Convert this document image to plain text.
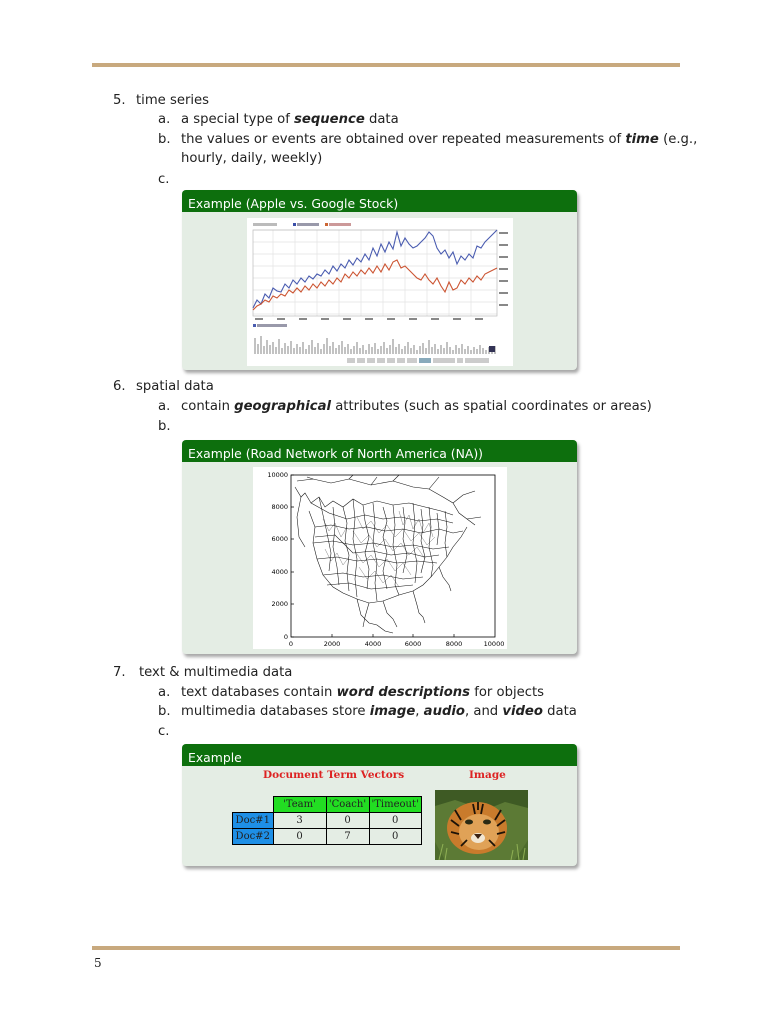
5. time series
a. a special type of sequence data
b. the values or events are obtained over repeated measurements of time (e.g.,
hourly, daily, weekly)
c.
Example (Apple vs. Google Stock)
6. spatial data
a. contain geographical attributes (such as spatial coordinates or areas)
b.
Example (Road Network of North America (NA))
10000
8000
6000
4000
2000
0
0	2000	4000	6000	8000	10000
7. text & multimedia data
a. text databases contain word descriptions for objects
b. multimedia databases store image, audio, and video data
c.
Example
Document Term Vectors	Image
	'Team'	'Coach'	'Timeout'
Doc#1	3	0	0
Doc#2	0	7	0
5
